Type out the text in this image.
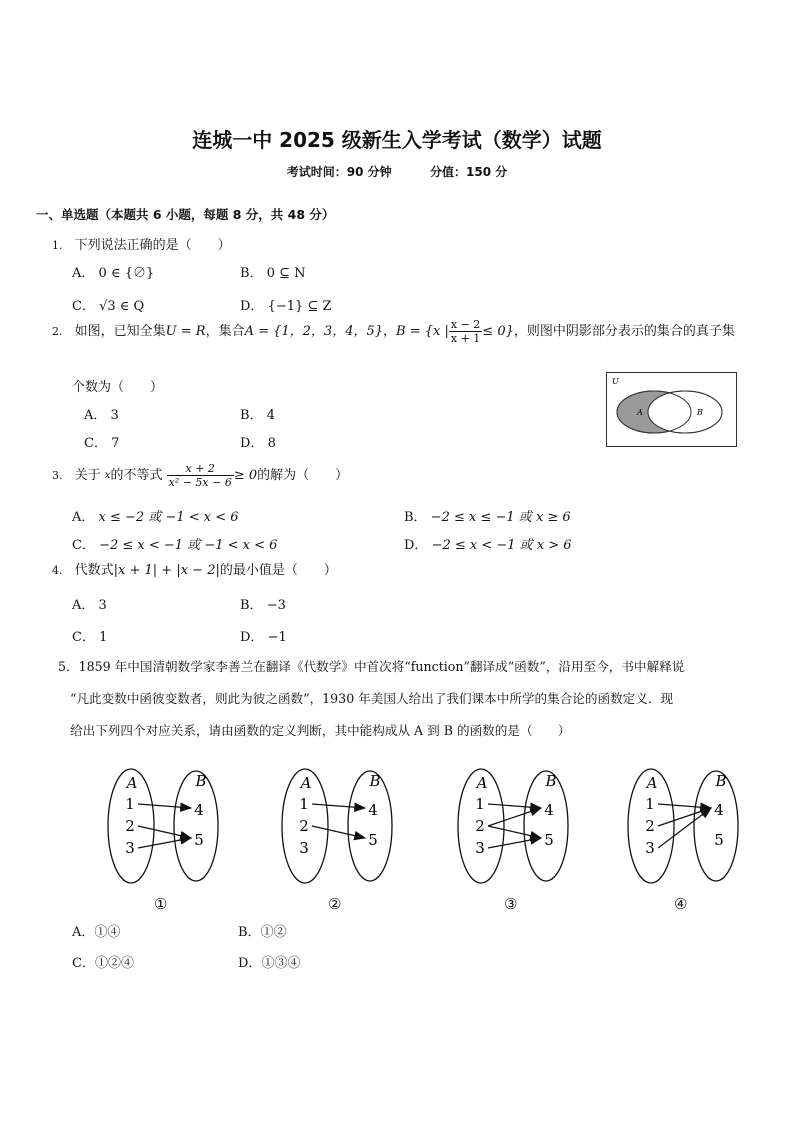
连城一中 2025 级新生入学考试（数学）试题
考试时间：90 分钟	分值：150 分
一、单选题（本题共 6 小题，每题 8 分，共 48 分）
1. 下列说法正确的是（　　）
A． 0 ∈ {∅}	B． 0 ⊆ N
C． √3 ∈ Q	D． {−1} ⊆ Z
2. 如图，已知全集U = R，集合A = {1，2，3，4，5}，B = {x | $\frac{x - 2}{x + 1} \le 0$}，则图中阴影部分表示的集合的真子集
个数为（　　）
A． 3	B． 4
C． 7	D． 8
U
A	B
3. 关于 $^x$的不等式 $\frac{x + 2}{\text{x² − 5x − 6}} \ge 0$的解为（　　）
A． x ≤ −2 或 −1 < x < 6	B． −2 ≤ x ≤ −1 或 x ≥ 6
C． −2 ≤ x < −1 或 −1 < x < 6	D． −2 ≤ x < −1 或 x > 6
4. 代数式|x + 1| + |x − 2|的最小值是（　　）
A． 3	B． −3
C． 1	D． −1
5．1859 年中国清朝数学家李善兰在翻译《代数学》中首次将“function”翻译成“函数”，沿用至今，书中解释说
“凡此变数中函彼变数者，则此为彼之函数”，1930 年美国人给出了我们课本中所学的集合论的函数定义．现
给出下列四个对应关系，请由函数的定义判断，其中能构成从 A 到 B 的函数的是（　　）
A	B
1
2
3
4
5
①
A	B
1
2
3
4
5
②
A	B
1
2
3
4
5
③
A	B
1
2
3
4
5
④
A．①④	B．①②
C．①②④	D．①③④
